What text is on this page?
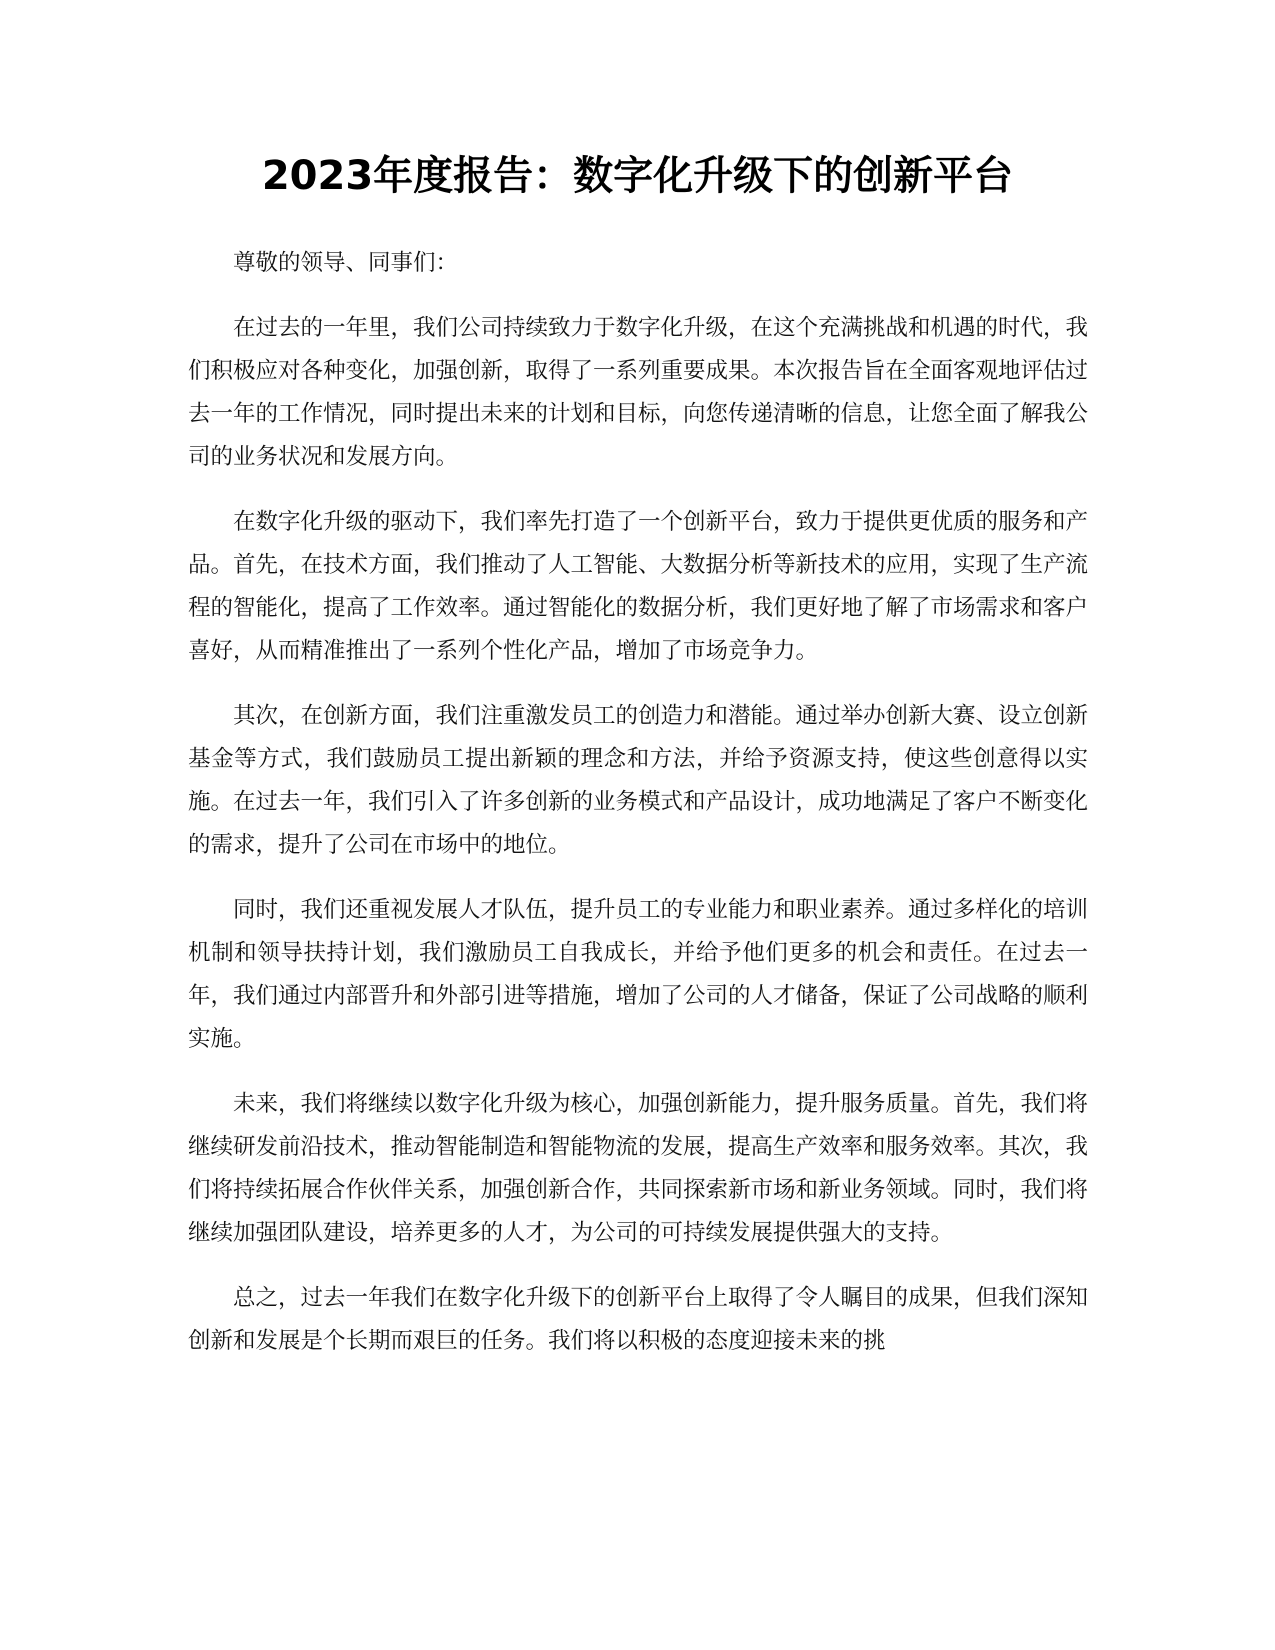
2023年度报告：数字化升级下的创新平台

尊敬的领导、同事们：

在过去的一年里，我们公司持续致力于数字化升级，在这个充满挑战和机遇的时代，我们积极应对各种变化，加强创新，取得了一系列重要成果。本次报告旨在全面客观地评估过去一年的工作情况，同时提出未来的计划和目标，向您传递清晰的信息，让您全面了解我公司的业务状况和发展方向。

在数字化升级的驱动下，我们率先打造了一个创新平台，致力于提供更优质的服务和产品。首先，在技术方面，我们推动了人工智能、大数据分析等新技术的应用，实现了生产流程的智能化，提高了工作效率。通过智能化的数据分析，我们更好地了解了市场需求和客户喜好，从而精准推出了一系列个性化产品，增加了市场竞争力。

其次，在创新方面，我们注重激发员工的创造力和潜能。通过举办创新大赛、设立创新基金等方式，我们鼓励员工提出新颖的理念和方法，并给予资源支持，使这些创意得以实施。在过去一年，我们引入了许多创新的业务模式和产品设计，成功地满足了客户不断变化的需求，提升了公司在市场中的地位。

同时，我们还重视发展人才队伍，提升员工的专业能力和职业素养。通过多样化的培训机制和领导扶持计划，我们激励员工自我成长，并给予他们更多的机会和责任。在过去一年，我们通过内部晋升和外部引进等措施，增加了公司的人才储备，保证了公司战略的顺利实施。

未来，我们将继续以数字化升级为核心，加强创新能力，提升服务质量。首先，我们将继续研发前沿技术，推动智能制造和智能物流的发展，提高生产效率和服务效率。其次，我们将持续拓展合作伙伴关系，加强创新合作，共同探索新市场和新业务领域。同时，我们将继续加强团队建设，培养更多的人才，为公司的可持续发展提供强大的支持。

总之，过去一年我们在数字化升级下的创新平台上取得了令人瞩目的成果，但我们深知创新和发展是个长期而艰巨的任务。我们将以积极的态度迎接未来的挑
